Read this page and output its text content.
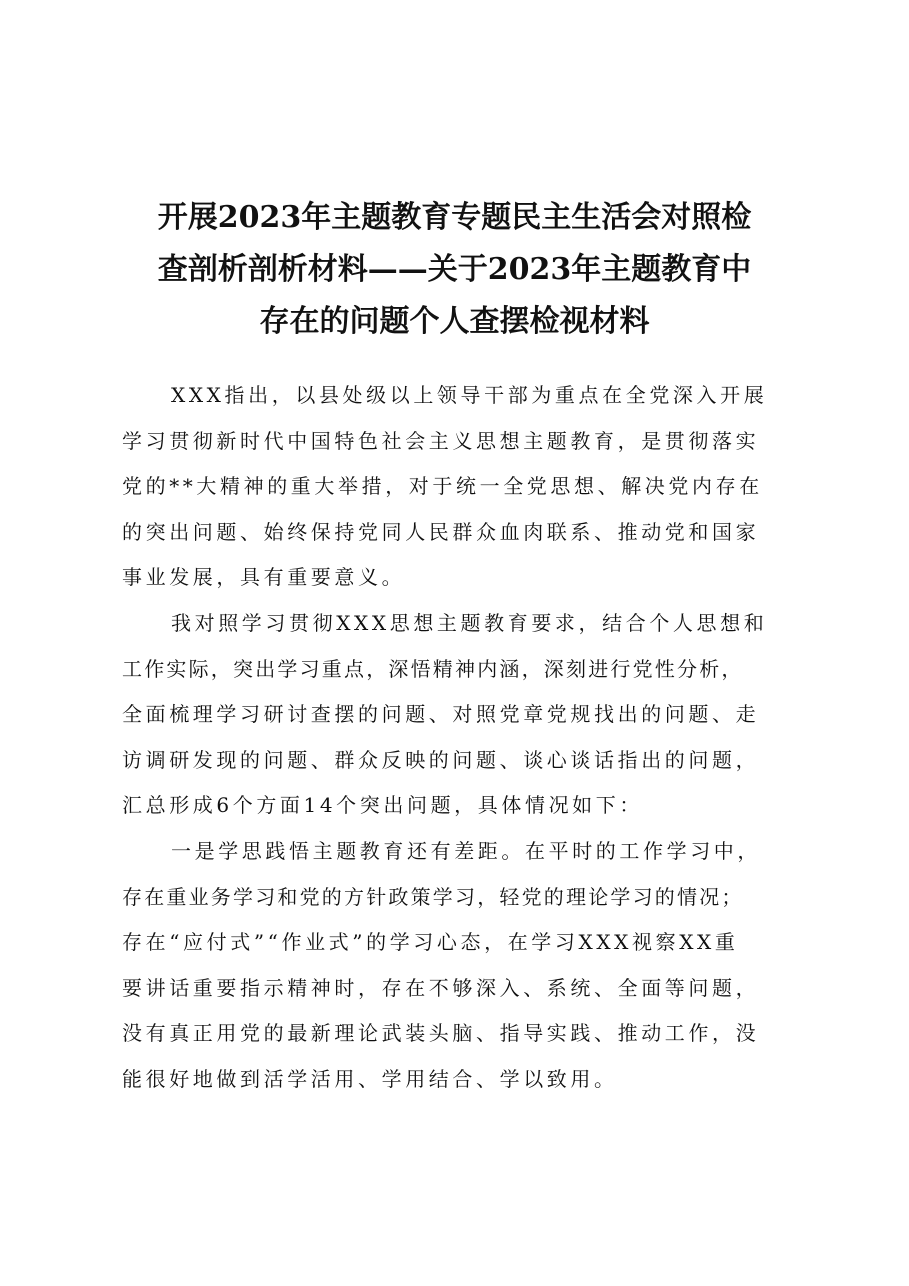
开展2023年主题教育专题民主生活会对照检
查剖析剖析材料——关于2023年主题教育中
存在的问题个人查摆检视材料
XXX指出，以县处级以上领导干部为重点在全党深入开展
学习贯彻新时代中国特色社会主义思想主题教育，是贯彻落实
党的**大精神的重大举措，对于统一全党思想、解决党内存在
的突出问题、始终保持党同人民群众血肉联系、推动党和国家
事业发展，具有重要意义。
我对照学习贯彻XXX思想主题教育要求，结合个人思想和
工作实际，突出学习重点，深悟精神内涵，深刻进行党性分析，
全面梳理学习研讨查摆的问题、对照党章党规找出的问题、走
访调研发现的问题、群众反映的问题、谈心谈话指出的问题，
汇总形成6个方面14个突出问题，具体情况如下：
一是学思践悟主题教育还有差距。在平时的工作学习中，
存在重业务学习和党的方针政策学习，轻党的理论学习的情况；
存在“应付式”“作业式”的学习心态，在学习XXX视察XX重
要讲话重要指示精神时，存在不够深入、系统、全面等问题，
没有真正用党的最新理论武装头脑、指导实践、推动工作，没
能很好地做到活学活用、学用结合、学以致用。
